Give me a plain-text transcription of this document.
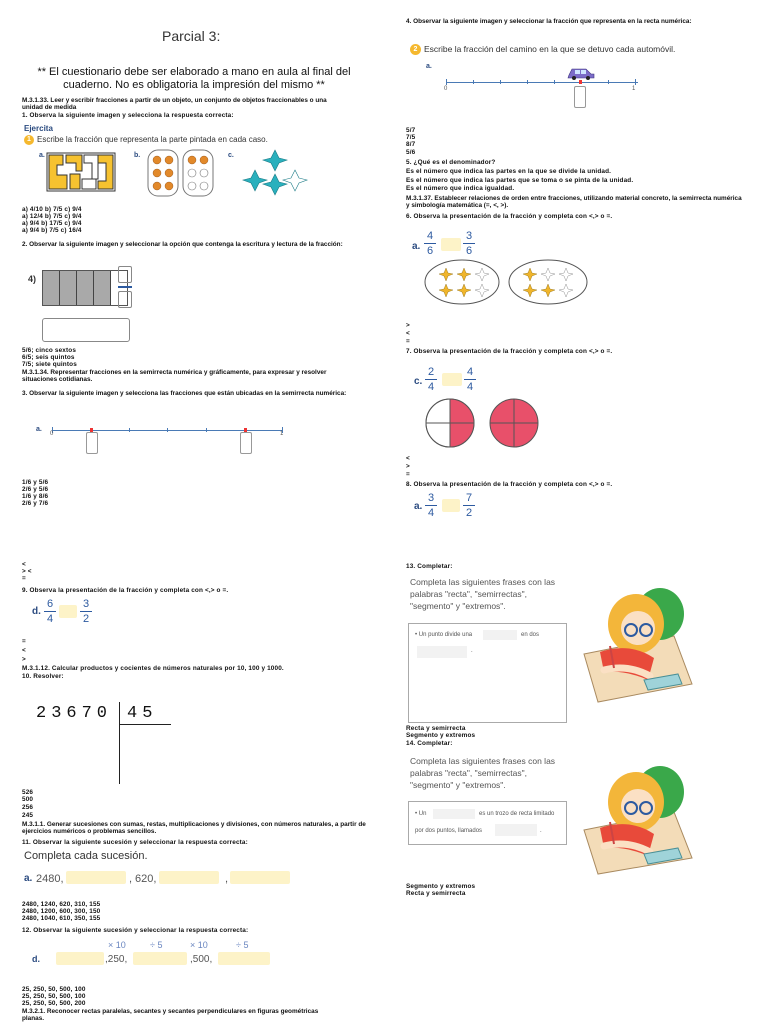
Parcial 3:
** El cuestionario debe ser elaborado a mano en aula al final del cuaderno. No es obligatoria la impresión del mismo **
M.3.1.33. Leer y escribir fracciones a partir de un objeto, un conjunto de objetos fraccionables o una unidad de medida
1. Observa la siguiente imagen y selecciona la respuesta correcta:
Ejercita
1 Escribe la fracción que representa la parte pintada en cada caso.
a.	b.	c.
a) 4/10 b) 7/5 c) 9/4
a) 12/4 b) 7/5 c) 9/4
a) 9/4 b) 17/5 c) 9/4
a) 9/4 b) 7/5 c) 16/4
2. Observar la siguiente imagen y seleccionar la opción que contenga la escritura y lectura de la fracción:
4)
5/6; cinco sextos
6/5; seis quintos
7/5; siete quintos
M.3.1.34. Representar fracciones en la semirrecta numérica y gráficamente, para expresar y resolver situaciones cotidianas.
3. Observar la siguiente imagen y selecciona las fracciones que están ubicadas en la semirrecta numérica:
a.
0	1
1/6 y 5/6
2/6 y 5/6
1/6 y 8/6
2/6 y 7/6
<
> <
=
9. Observa la presentación de la fracción y completa con <,> o =.
d.
6
4
3
2
=
<
>
M.3.1.12. Calcular productos y cocientes de números naturales por 10, 100 y 1000.
10. Resolver:
23670 45
526
500
256
245
M.3.1.1. Generar sucesiones con sumas, restas, multiplicaciones y divisiones, con números naturales, a partir de ejercicios numéricos o problemas sencillos.
11. Observar la siguiente sucesión y seleccionar la respuesta correcta:
Completa cada sucesión.
a. 2480,	, 620,	,
2480, 1240, 620, 310, 155
2480, 1200, 600, 300, 150
2480, 1040, 610, 350, 155
12. Observar la siguiente sucesión y seleccionar la respuesta correcta:
× 10	÷ 5	× 10	÷ 5
d.	,250,	,500,
25, 250, 50, 500, 100
25, 250, 50, 500, 100
25, 250, 50, 500, 200
M.3.2.1. Reconocer rectas paralelas, secantes y secantes perpendiculares en figuras geométricas planas.
4. Observar la siguiente imagen y seleccionar la fracción que representa en la recta numérica:
2 Escribe la fracción del camino en la que se detuvo cada automóvil.
a.
0	1
5/7
7/5
8/7
5/6
5. ¿Qué es el denominador?
Es el número que indica las partes en la que se divide la unidad.
Es el número que indica las partes que se toma o se pinta de la unidad.
Es el número que indica igualdad.
M.3.1.37. Establecer relaciones de orden entre fracciones, utilizando material concreto, la semirrecta numérica y simbología matemática (=, <, >).
6. Observa la presentación de la fracción y completa con <,> o =.
a.
4
6
3
6
>
<
=
7. Observa la presentación de la fracción y completa con <,> o =.
c.
2
4
4
4
<
>
=
8. Observa la presentación de la fracción y completa con <,> o =.
a.
3
4
7
2
13. Completar:
Completa las siguientes frases con las palabras "recta", "semirrectas", "segmento" y "extremos".
• Un punto divide una	en dos
.
Recta y semirrecta
Segmento y extremos
14. Completar:
Completa las siguientes frases con las palabras "recta", "semirrectas", "segmento" y "extremos".
• Un	es un trozo de recta limitado
por dos puntos, llamados	.
Segmento y extremos
Recta y semirrecta
